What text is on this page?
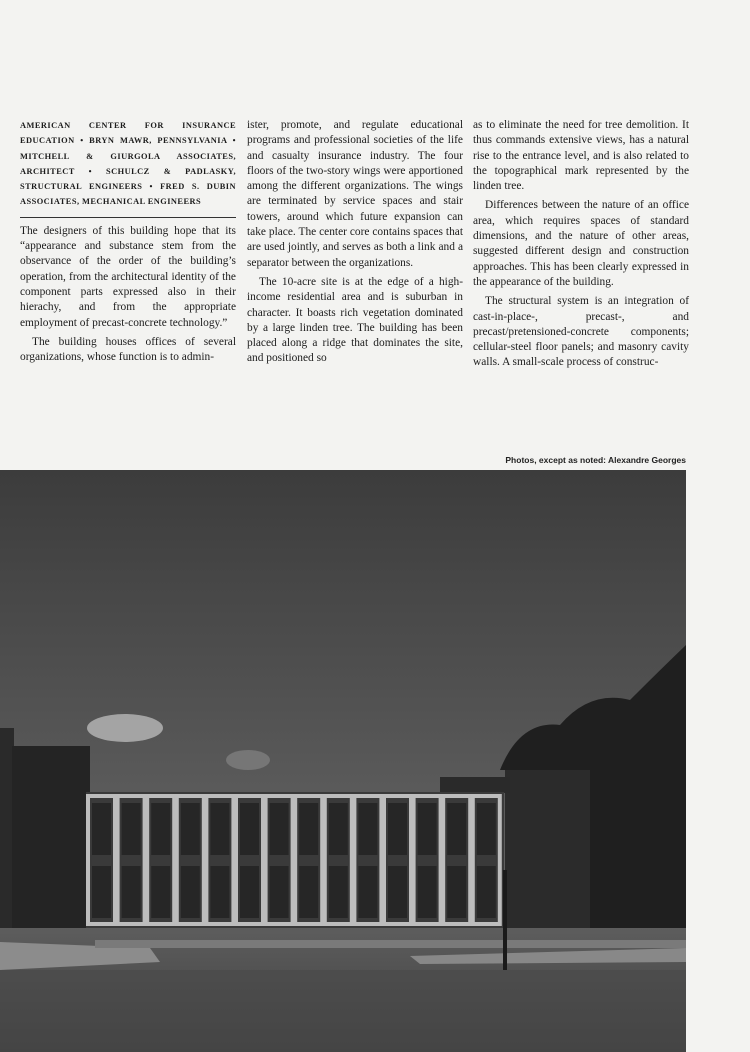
AMERICAN CENTER FOR INSURANCE EDUCATION • BRYN MAWR, PENNSYLVANIA • MITCHELL & GIURGOLA ASSOCIATES, ARCHITECT • SCHULCZ & PADLASKY, STRUCTURAL ENGINEERS • FRED S. DUBIN ASSOCIATES, MECHANICAL ENGINEERS

The designers of this building hope that its “appearance and substance stem from the observance of the order of the building’s operation, from the architectural identity of the component parts expressed also in their hierachy, and from the appropriate employment of precast-concrete technology.”

The building houses offices of several organizations, whose function is to admin-

ister, promote, and regulate educational programs and professional societies of the life and casualty insurance industry. The four floors of the two-story wings were apportioned among the different organizations. The wings are terminated by service spaces and stair towers, around which future expansion can take place. The center core contains spaces that are used jointly, and serves as both a link and a separator between the organizations.

The 10-acre site is at the edge of a high-income residential area and is suburban in character. It boasts rich vegetation dominated by a large linden tree. The building has been placed along a ridge that dominates the site, and positioned so

as to eliminate the need for tree demolition. It thus commands extensive views, has a natural rise to the entrance level, and is also related to the topographical mark represented by the linden tree.

Differences between the nature of an office area, which requires spaces of standard dimensions, and the nature of other areas, suggested different design and construction approaches. This has been clearly expressed in the appearance of the building.

The structural system is an integration of cast-in-place-, precast-, and precast/pretensioned-concrete components; cellular-steel floor panels; and masonry cavity walls. A small-scale process of construc-

Photos, except as noted: Alexandre Georges
